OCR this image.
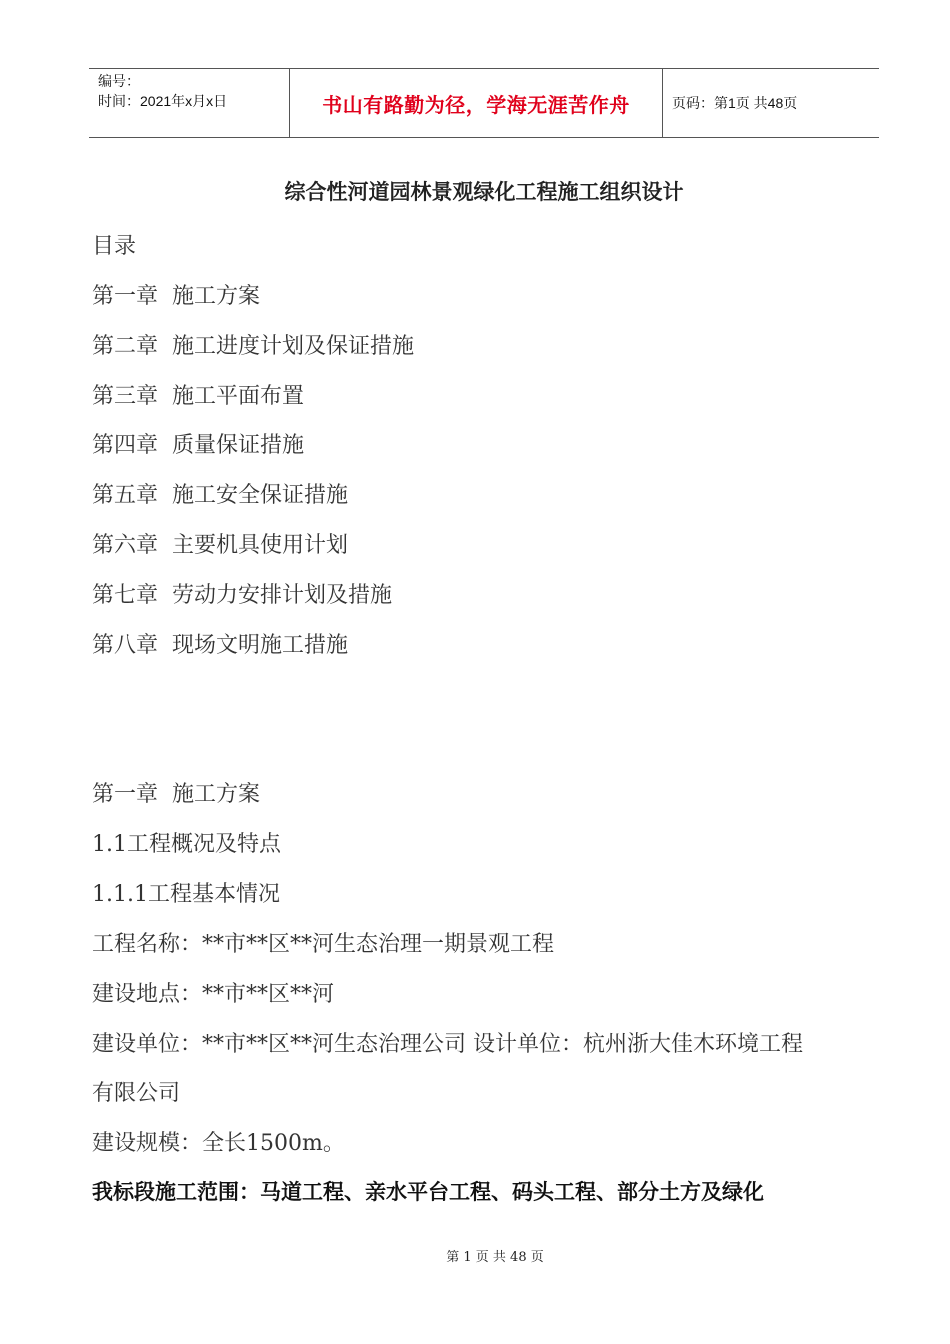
编号：
时间：2021年x月x日	书山有路勤为径，学海无涯苦作舟	页码：第1页 共48页
综合性河道园林景观绿化工程施工组织设计
目录
第一章 施工方案
第二章 施工进度计划及保证措施
第三章 施工平面布置
第四章 质量保证措施
第五章 施工安全保证措施
第六章 主要机具使用计划
第七章 劳动力安排计划及措施
第八章 现场文明施工措施
第一章 施工方案
1.1工程概况及特点
1.1.1工程基本情况
工程名称：**市**区**河生态治理一期景观工程
建设地点：**市**区**河
建设单位：**市**区**河生态治理公司 设计单位：杭州浙大佳木环境工程
有限公司
建设规模：全长1500m。
我标段施工范围：马道工程、亲水平台工程、码头工程、部分土方及绿化
第 1 页 共 48 页
